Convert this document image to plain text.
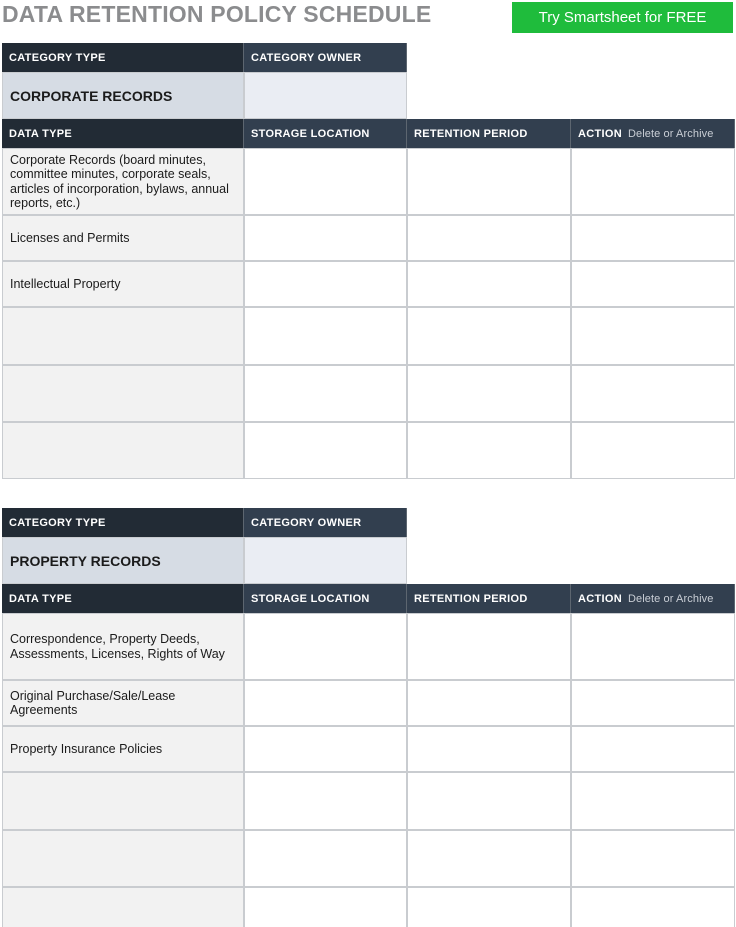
DATA RETENTION POLICY SCHEDULE	Try Smartsheet for FREE
CATEGORY TYPE	CATEGORY OWNER
CORPORATE RECORDS
DATA TYPE	STORAGE LOCATION	RETENTION PERIOD	ACTION Delete or Archive
Corporate Records (board minutes, committee minutes, corporate seals, articles of incorporation, bylaws, annual reports, etc.)
Licenses and Permits
Intellectual Property
CATEGORY TYPE	CATEGORY OWNER
PROPERTY RECORDS
DATA TYPE	STORAGE LOCATION	RETENTION PERIOD	ACTION Delete or Archive
Correspondence, Property Deeds, Assessments, Licenses, Rights of Way
Original Purchase/Sale/Lease Agreements
Property Insurance Policies
